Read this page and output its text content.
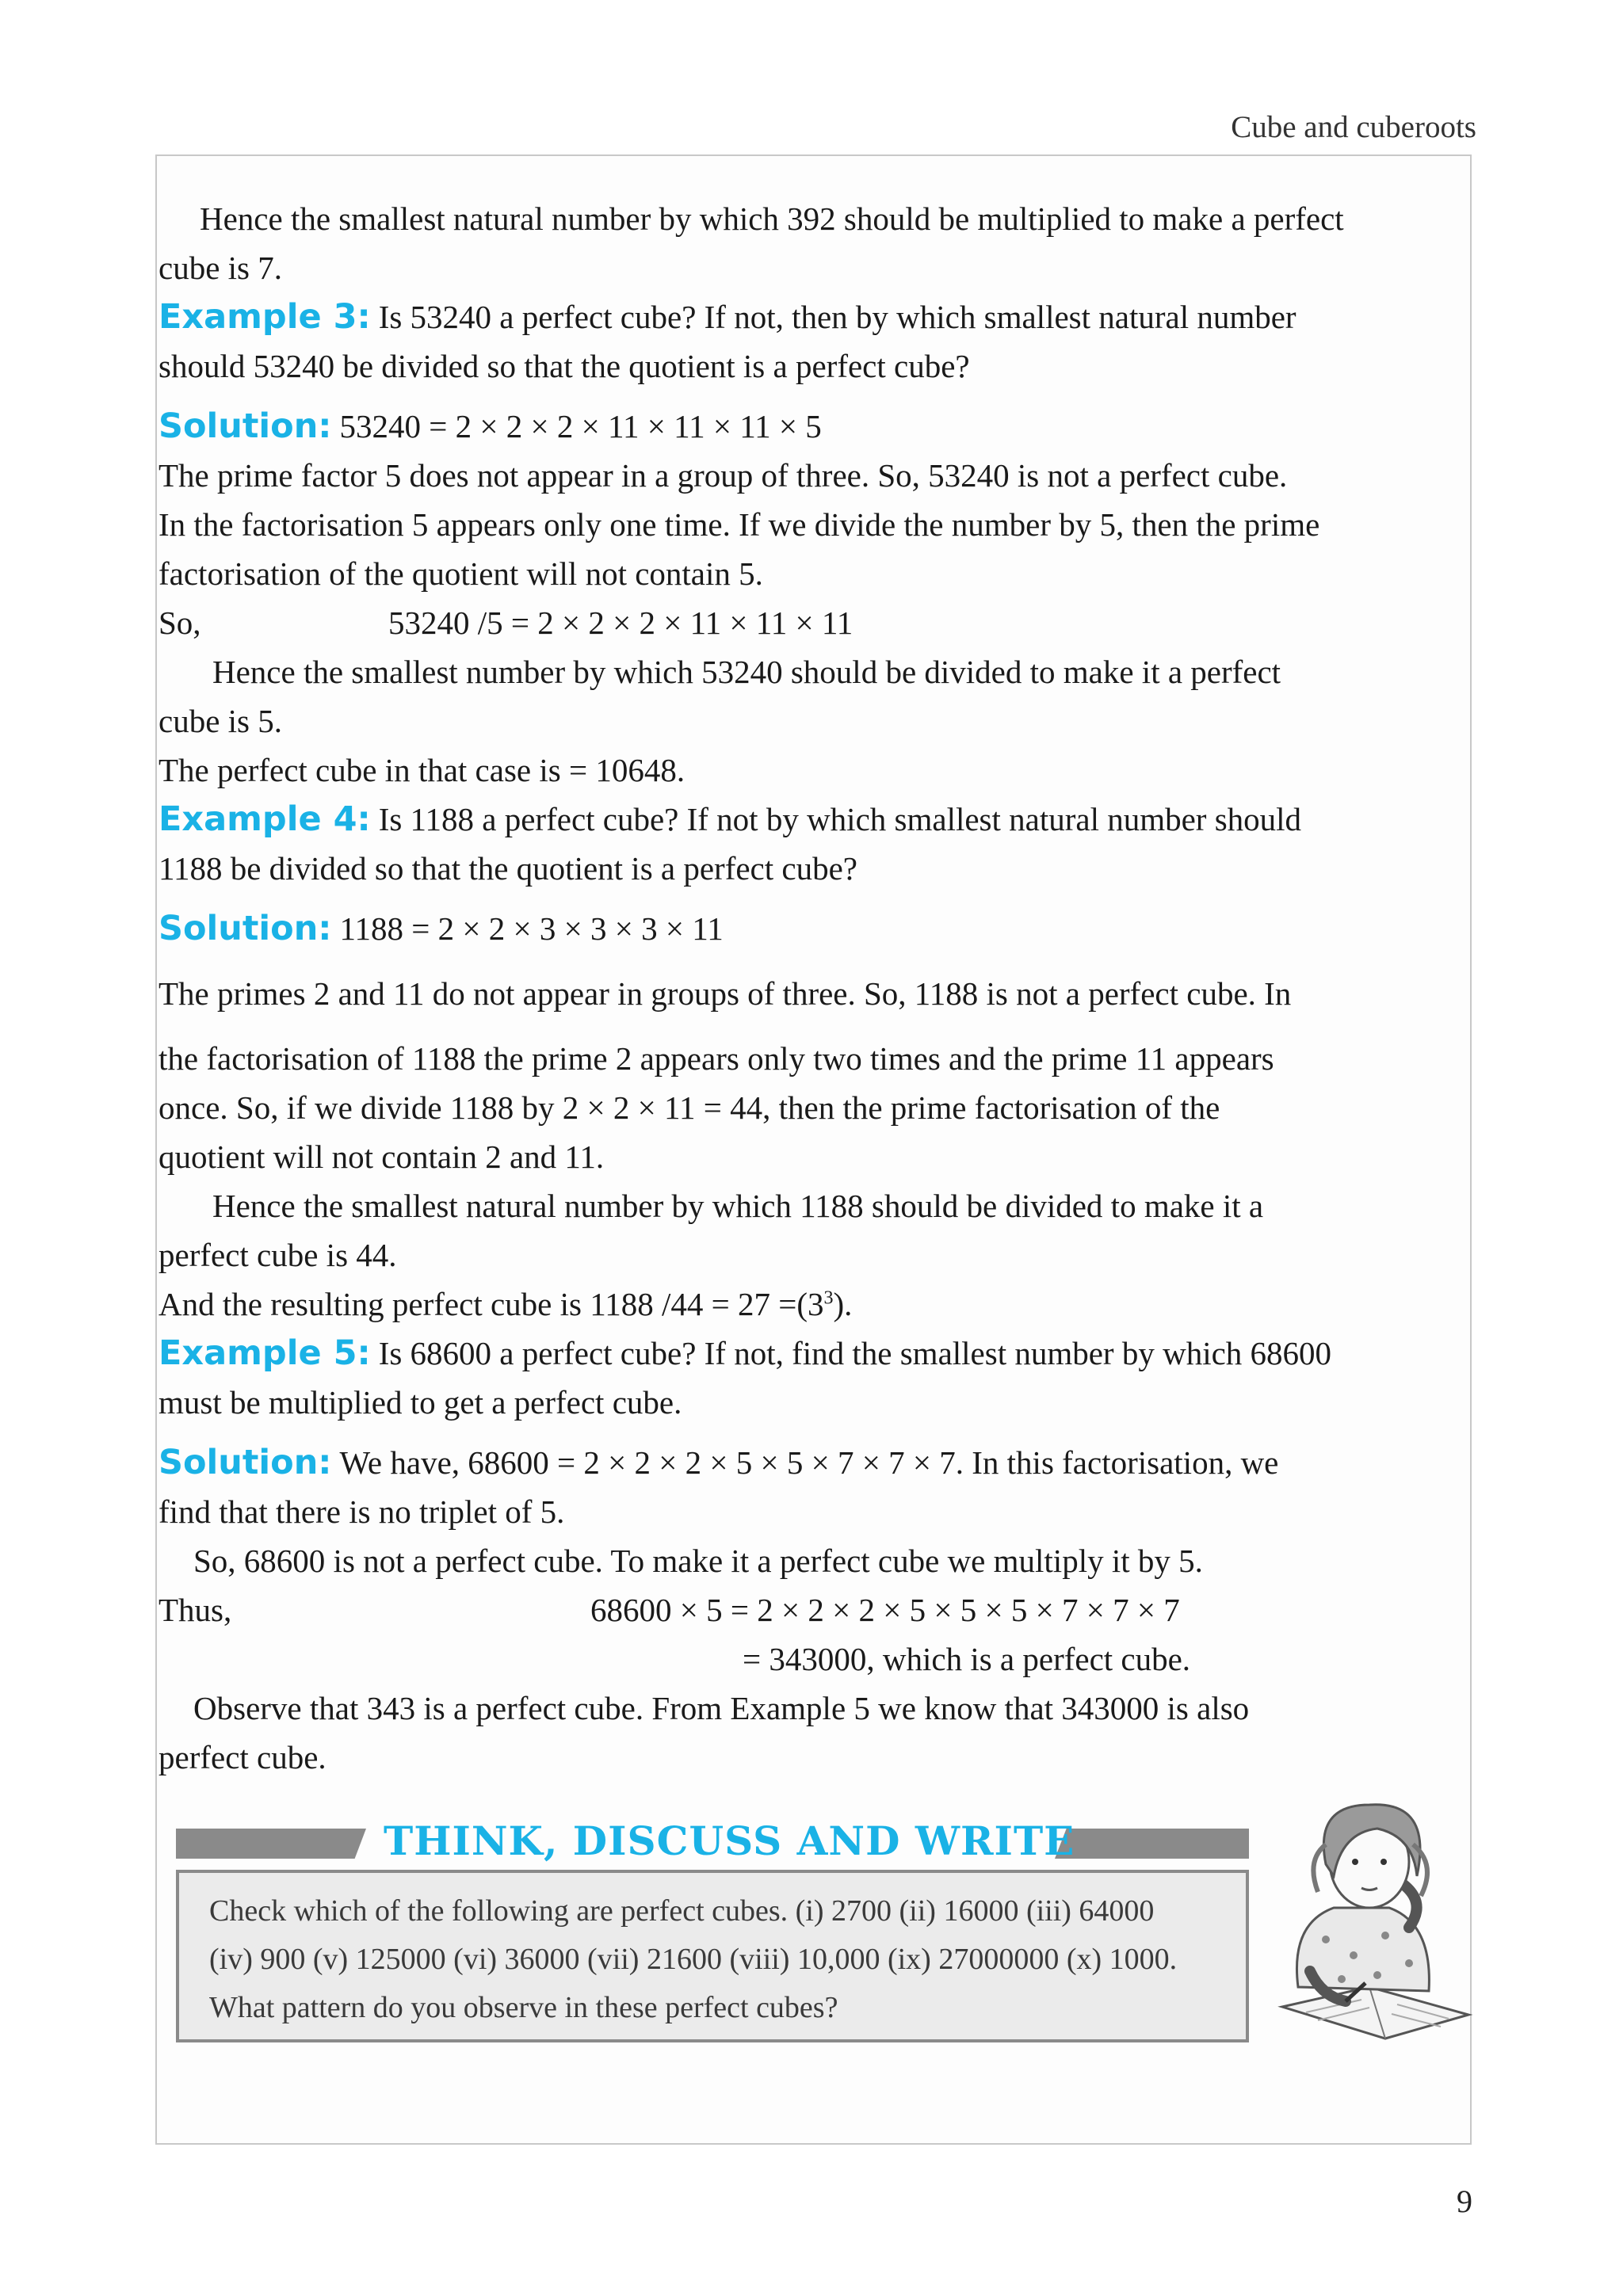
Cube and cuberoots
Hence the smallest natural number by which 392 should be multiplied to make a perfect
cube is 7.
Example 3: Is 53240 a perfect cube? If not, then by which smallest natural number
should 53240 be divided so that the quotient is a perfect cube?
Solution: 53240 = 2 × 2 × 2 × 11 × 11 × 11 × 5
The prime factor 5 does not appear in a group of three. So, 53240 is not a perfect cube.
In the factorisation 5 appears only one time. If we divide the number by 5, then the prime
factorisation of the quotient will not contain 5.
So,	53240 /5 = 2 × 2 × 2 × 11 × 11 × 11
Hence the smallest number by which 53240 should be divided to make it a perfect
cube is 5.
The perfect cube in that case is = 10648.
Example 4: Is 1188 a perfect cube? If not by which smallest natural number should
1188 be divided so that the quotient is a perfect cube?
Solution: 1188 = 2 × 2 × 3 × 3 × 3 × 11
The primes 2 and 11 do not appear in groups of three. So, 1188 is not a perfect cube. In
the factorisation of 1188 the prime 2 appears only two times and the prime 11 appears
once. So, if we divide 1188 by 2 × 2 × 11 = 44, then the prime factorisation of the
quotient will not contain 2 and 11.
Hence the smallest natural number by which 1188 should be divided to make it a
perfect cube is 44.
And the resulting perfect cube is 1188 $/44 = 27 =(3^3)$.
Example 5: Is 68600 a perfect cube? If not, find the smallest number by which 68600
must be multiplied to get a perfect cube.
Solution: We have, 68600 = 2 × 2 × 2 × 5 × 5 × 7 × 7 × 7. In this factorisation, we
find that there is no triplet of 5.
So, 68600 is not a perfect cube. To make it a perfect cube we multiply it by 5.
Thus,	68600 × 5 = 2 × 2 × 2 × 5 × 5 × 5 × 7 × 7 × 7
= 343000, which is a perfect cube.
Observe that 343 is a perfect cube. From Example 5 we know that 343000 is also
perfect cube.
THINK, DISCUSS AND WRITE
Check which of the following are perfect cubes. (i) 2700 (ii) 16000 (iii) 64000
(iv) 900 (v) 125000 (vi) 36000 (vii) 21600 (viii) 10,000 (ix) 27000000 (x) 1000.
What pattern do you observe in these perfect cubes?
9
